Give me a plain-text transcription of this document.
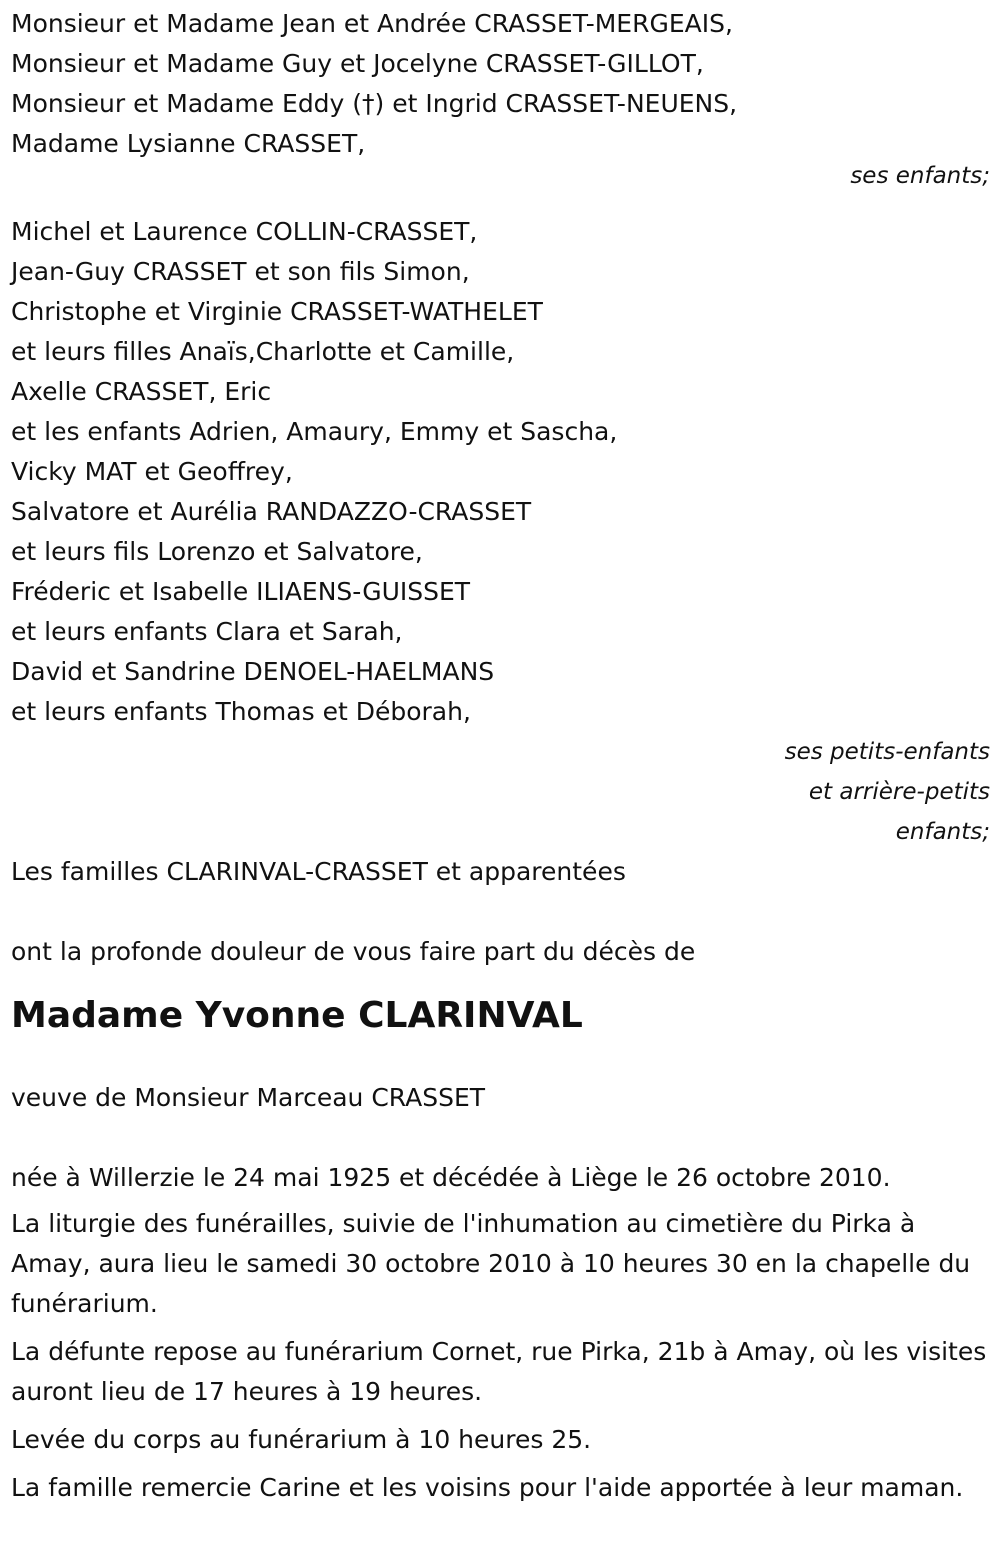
Monsieur et Madame Jean et Andrée CRASSET-MERGEAIS,

Monsieur et Madame Guy et Jocelyne CRASSET-GILLOT,

Monsieur et Madame Eddy (†) et Ingrid CRASSET-NEUENS,

Madame Lysianne CRASSET,

ses enfants;

Michel et Laurence COLLIN-CRASSET,

Jean-Guy CRASSET et son fils Simon,

Christophe et Virginie CRASSET-WATHELET

et leurs filles Anaïs,Charlotte et Camille,

Axelle CRASSET, Eric

et les enfants Adrien, Amaury, Emmy et Sascha,

Vicky MAT et Geoffrey,

Salvatore et Aurélia RANDAZZO-CRASSET

et leurs fils Lorenzo et Salvatore,

Fréderic et Isabelle ILIAENS-GUISSET

et leurs enfants Clara et Sarah,

David et Sandrine DENOEL-HAELMANS

et leurs enfants Thomas et Déborah,

ses petits-enfants

et arrière-petits

enfants;

Les familles CLARINVAL-CRASSET et apparentées

ont la profonde douleur de vous faire part du décès de

Madame Yvonne CLARINVAL

veuve de Monsieur Marceau CRASSET

née à Willerzie le 24 mai 1925 et décédée à Liège le 26 octobre 2010.

La liturgie des funérailles, suivie de l'inhumation au cimetière du Pirka à Amay, aura lieu le samedi 30 octobre 2010 à 10 heures 30 en la chapelle du funérarium.

La défunte repose au funérarium Cornet, rue Pirka, 21b à Amay, où les visites auront lieu de 17 heures à 19 heures.

Levée du corps au funérarium à 10 heures 25.

La famille remercie Carine et les voisins pour l'aide apportée à leur maman.
